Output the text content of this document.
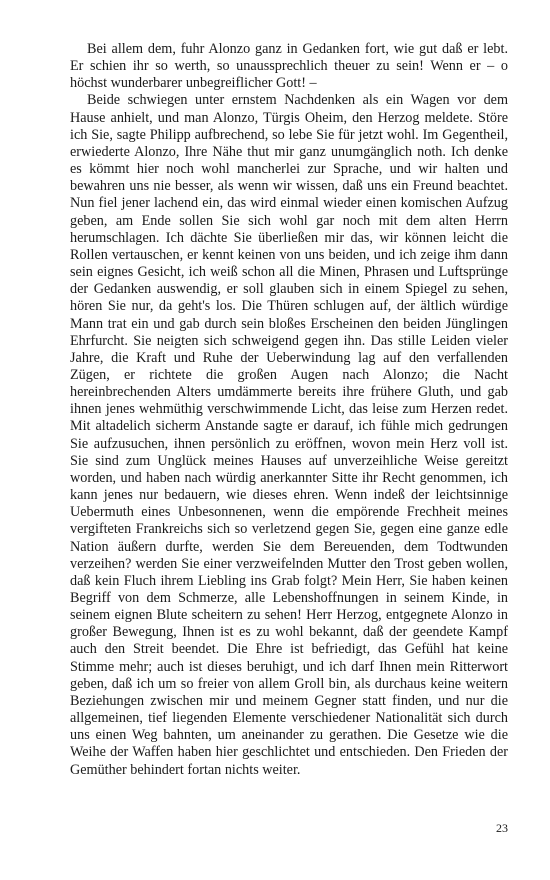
Bei allem dem, fuhr Alonzo ganz in Gedanken fort, wie gut daß er lebt. Er schien ihr so werth, so unaussprechlich theuer zu sein! Wenn er – o höchst wunderbarer unbegreiflicher Gott! –

Beide schwiegen unter ernstem Nachdenken als ein Wagen vor dem Hause anhielt, und man Alonzo, Türgis Oheim, den Herzog meldete. Störe ich Sie, sagte Philipp aufbrechend, so lebe Sie für jetzt wohl. Im Gegentheil, erwiederte Alonzo, Ihre Nähe thut mir ganz unumgänglich noth. Ich denke es kömmt hier noch wohl mancherlei zur Sprache, und wir halten und bewahren uns nie besser, als wenn wir wissen, daß uns ein Freund beachtet. Nun fiel jener lachend ein, das wird einmal wieder einen komischen Aufzug geben, am Ende sollen Sie sich wohl gar noch mit dem alten Herrn herumschlagen. Ich dächte Sie überließen mir das, wir können leicht die Rollen vertauschen, er kennt keinen von uns beiden, und ich zeige ihm dann sein eignes Gesicht, ich weiß schon all die Minen, Phrasen und Luftsprünge der Gedanken auswendig, er soll glauben sich in einem Spiegel zu sehen, hören Sie nur, da geht's los. Die Thüren schlugen auf, der ältlich würdige Mann trat ein und gab durch sein bloßes Erscheinen den beiden Jünglingen Ehrfurcht. Sie neigten sich schweigend gegen ihn. Das stille Leiden vieler Jahre, die Kraft und Ruhe der Ueberwindung lag auf den verfallenden Zügen, er richtete die großen Augen nach Alonzo; die Nacht hereinbrechenden Alters umdämmerte bereits ihre frühere Gluth, und gab ihnen jenes wehmüthig verschwimmende Licht, das leise zum Herzen redet. Mit altadelich sicherm Anstande sagte er darauf, ich fühle mich gedrungen Sie aufzusuchen, ihnen persönlich zu eröffnen, wovon mein Herz voll ist. Sie sind zum Unglück meines Hauses auf unverzeihliche Weise gereitzt worden, und haben nach würdig anerkannter Sitte ihr Recht genommen, ich kann jenes nur bedauern, wie dieses ehren. Wenn indeß der leichtsinnige Uebermuth eines Unbesonnenen, wenn die empörende Frechheit meines vergifteten Frankreichs sich so verletzend gegen Sie, gegen eine ganze edle Nation äußern durfte, werden Sie dem Bereuenden, dem Todtwunden verzeihen? werden Sie einer verzweifelnden Mutter den Trost geben wollen, daß kein Fluch ihrem Liebling ins Grab folgt? Mein Herr, Sie haben keinen Begriff von dem Schmerze, alle Lebenshoffnungen in seinem Kinde, in seinem eignen Blute scheitern zu sehen! Herr Herzog, entgegnete Alonzo in großer Bewegung, Ihnen ist es zu wohl bekannt, daß der geendete Kampf auch den Streit beendet. Die Ehre ist befriedigt, das Gefühl hat keine Stimme mehr; auch ist dieses beruhigt, und ich darf Ihnen mein Ritterwort geben, daß ich um so freier von allem Groll bin, als durchaus keine weitern Beziehungen zwischen mir und meinem Gegner statt finden, und nur die allgemeinen, tief liegenden Elemente verschiedener Nationalität sich durch uns einen Weg bahnten, um aneinander zu gerathen. Die Gesetze wie die Weihe der Waffen haben hier geschlichtet und entschieden. Den Frieden der Gemüther behindert fortan nichts weiter.

23
